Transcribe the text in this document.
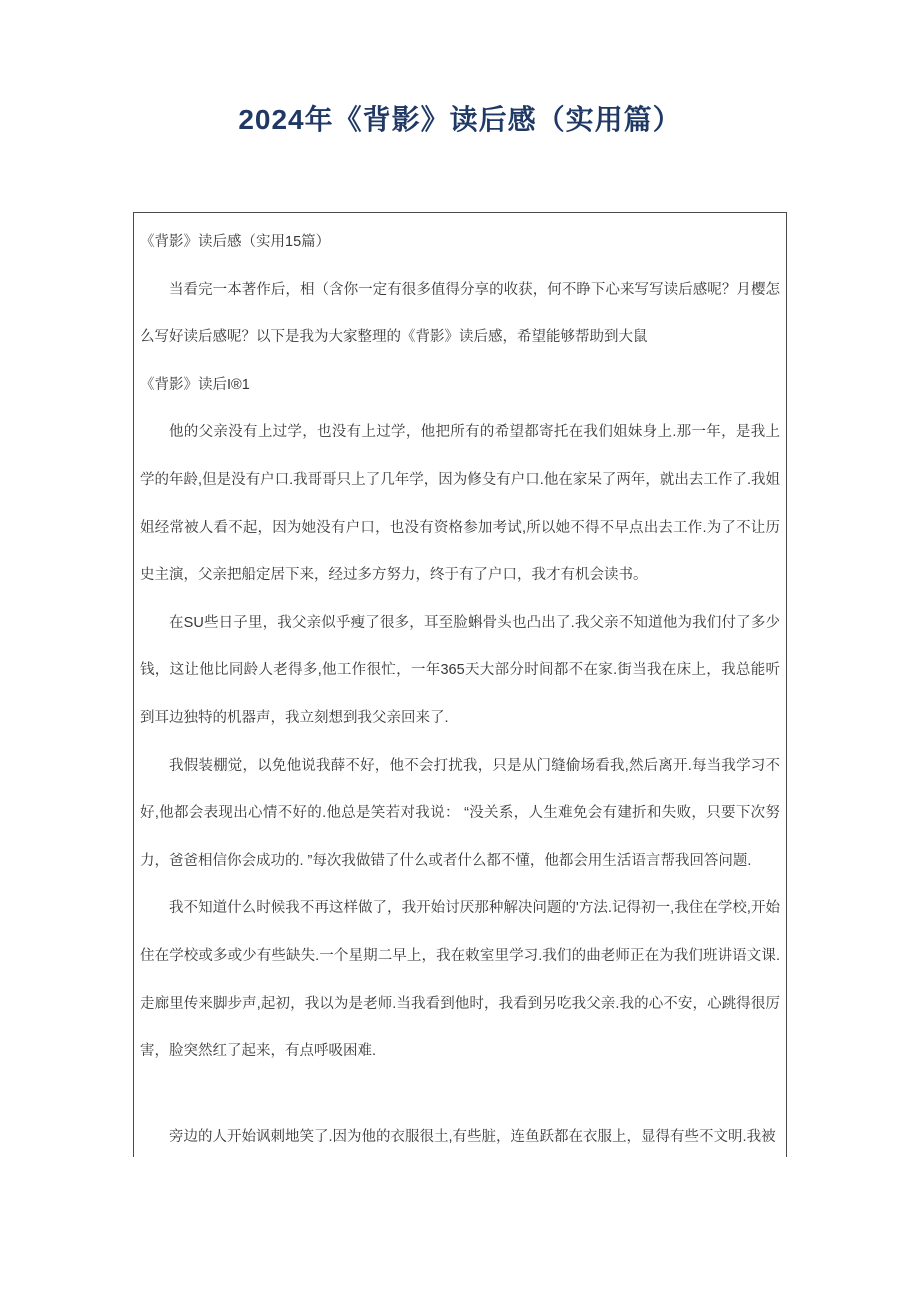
2024年《背影》读后感（实用篇）
《背影》读后感（实用15篇）
当看完一本著作后，相（含你一定有很多值得分享的收获，何不睁下心来写写读后感呢？月樱怎么写好读后感呢？以下是我为大家整理的《背影》读后感，希望能够帮助到大鼠
《背影》读后I®1
他的父亲没有上过学，也没有上过学，他把所有的希望都寄托在我们姐妹身上.那一年，是我上学的年龄,但是没有户口.我哥哥只上了几年学，因为修殳有户口.他在家呆了两年，就出去工作了.我姐姐经常被人看不起，因为她没有户口，也没有资格参加考试,所以她不得不早点出去工作.为了不让历史主演，父亲把船定居下来，经过多方努力，终于有了户口，我才有机会读书。
在SU些日子里，我父亲似乎瘦了很多，耳至脸蝌骨头也凸出了.我父亲不知道他为我们付了多少钱，这让他比同龄人老得多,他工作很忙，一年365天大部分时间都不在家.街当我在床上，我总能听到耳边独特的机器声，我立刻想到我父亲回来了.
我假装棚觉，以免他说我薛不好，他不会打扰我，只是从门缝偷场看我,然后离开.每当我学习不好,他都会表现出心情不好的.他总是笑若对我说： “没关系，人生难免会有建折和失败，只要下次努力，爸爸相信你会成功的. ”每次我做错了什么或者什么都不懂，他都会用生活语言帮我回答问题.
我不知道什么时候我不再这样做了，我开始讨厌那种解决问题的'方法.记得初一,我住在学校,开始住在学校或多或少有些缺失.一个星期二早上，我在敕室里学习.我们的曲老师正在为我们班讲语文课.走廊里传来脚步声,起初，我以为是老师.当我看到他时，我看到另吃我父亲.我的心不安，心跳得很厉害，脸突然红了起来，有点呼吸困难.
旁边的人开始讽刺地笑了.因为他的衣服很土,有些脏，连鱼跃都在衣服上，显得有些不文明.我被
